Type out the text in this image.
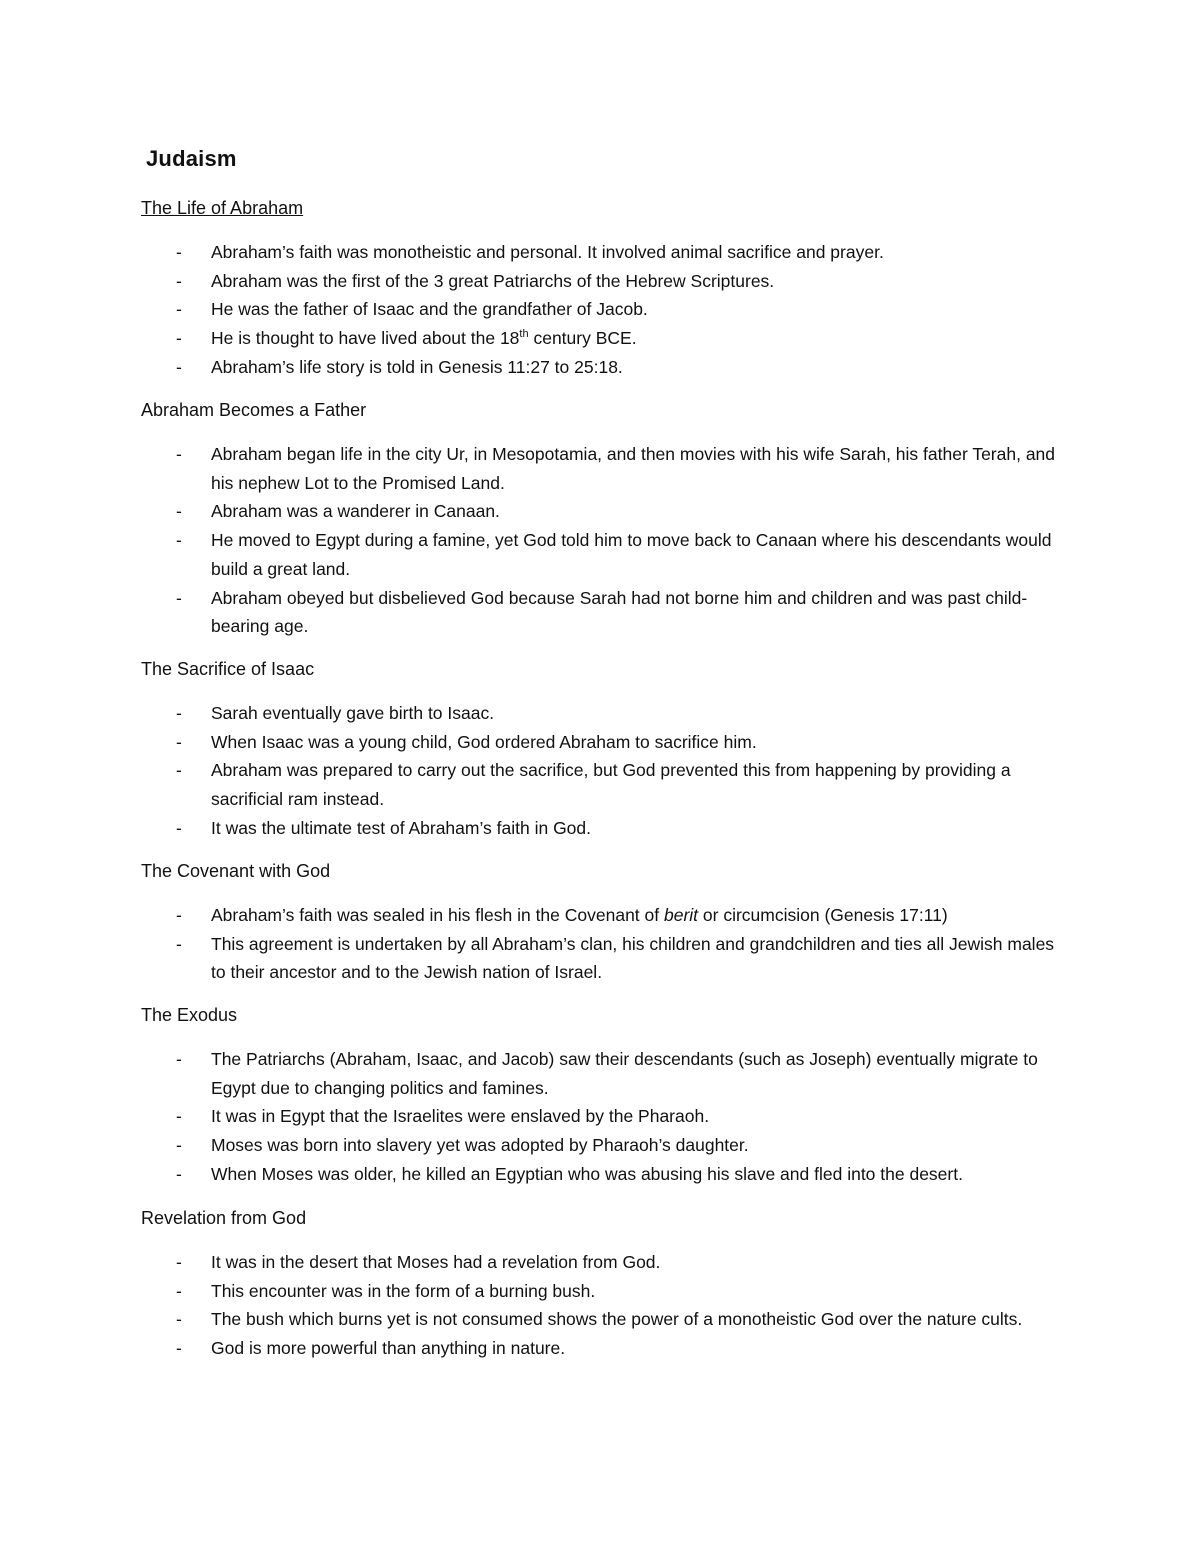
Judaism
The Life of Abraham
- Abraham’s faith was monotheistic and personal. It involved animal sacrifice and prayer.
- Abraham was the first of the 3 great Patriarchs of the Hebrew Scriptures.
- He was the father of Isaac and the grandfather of Jacob.
- He is thought to have lived about the 18th century BCE.
- Abraham’s life story is told in Genesis 11:27 to 25:18.
Abraham Becomes a Father
- Abraham began life in the city Ur, in Mesopotamia, and then movies with his wife Sarah, his father Terah, and his nephew Lot to the Promised Land.
- Abraham was a wanderer in Canaan.
- He moved to Egypt during a famine, yet God told him to move back to Canaan where his descendants would build a great land.
- Abraham obeyed but disbelieved God because Sarah had not borne him and children and was past child-bearing age.
The Sacrifice of Isaac
- Sarah eventually gave birth to Isaac.
- When Isaac was a young child, God ordered Abraham to sacrifice him.
- Abraham was prepared to carry out the sacrifice, but God prevented this from happening by providing a sacrificial ram instead.
- It was the ultimate test of Abraham’s faith in God.
The Covenant with God
- Abraham’s faith was sealed in his flesh in the Covenant of berit or circumcision (Genesis 17:11)
- This agreement is undertaken by all Abraham’s clan, his children and grandchildren and ties all Jewish males to their ancestor and to the Jewish nation of Israel.
The Exodus
- The Patriarchs (Abraham, Isaac, and Jacob) saw their descendants (such as Joseph) eventually migrate to Egypt due to changing politics and famines.
- It was in Egypt that the Israelites were enslaved by the Pharaoh.
- Moses was born into slavery yet was adopted by Pharaoh’s daughter.
- When Moses was older, he killed an Egyptian who was abusing his slave and fled into the desert.
Revelation from God
- It was in the desert that Moses had a revelation from God.
- This encounter was in the form of a burning bush.
- The bush which burns yet is not consumed shows the power of a monotheistic God over the nature cults.
- God is more powerful than anything in nature.
